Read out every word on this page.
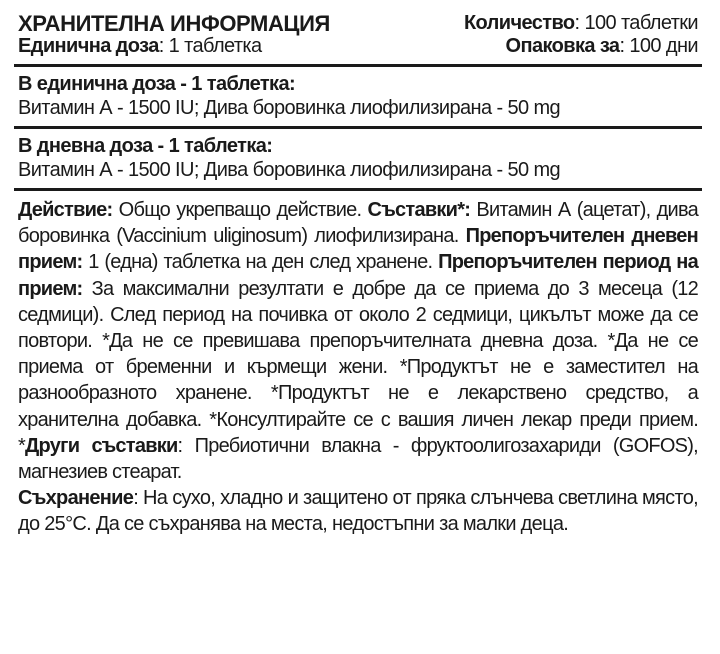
ХРАНИТЕЛНА ИНФОРМАЦИЯ
Единична доза: 1 таблетка
Количество: 100 таблетки
Опаковка за: 100 дни
В единична доза - 1 таблетка:
Витамин А - 1500 IU; Дива боровинка лиофилизирана - 50 mg
В дневна доза - 1 таблетка:
Витамин А - 1500 IU; Дива боровинка лиофилизирана - 50 mg
Действие: Общо укрепващо действие. Съставки*: Витамин А (ацетат), дива боровинка (Vaccinium uliginosum) лиофилизирана. Препоръчителен дневен прием: 1 (една) таблетка на ден след хранене. Препоръчителен период на прием: За максимални резултати е добре да се приема до 3 месеца (12 седмици). След период на почивка от около 2 седмици, цикълът може да се повтори. *Да не се превишава препоръчителната дневна доза. *Да не се приема от бременни и кърмещи жени. *Продуктът не е заместител на разнообразното хранене. *Продуктът не е лекарствено средство, а хранителна добавка. *Консултирайте се с вашия личен лекар преди прием. *Други съставки: Пребиотични влакна - фруктоолигозахариди (GOFOS), магнезиев стеарат.
Съхранение: На сухо, хладно и защитено от пряка слънчева светлина място, до 25°С. Да се съхранява на места, недостъпни за малки деца.
